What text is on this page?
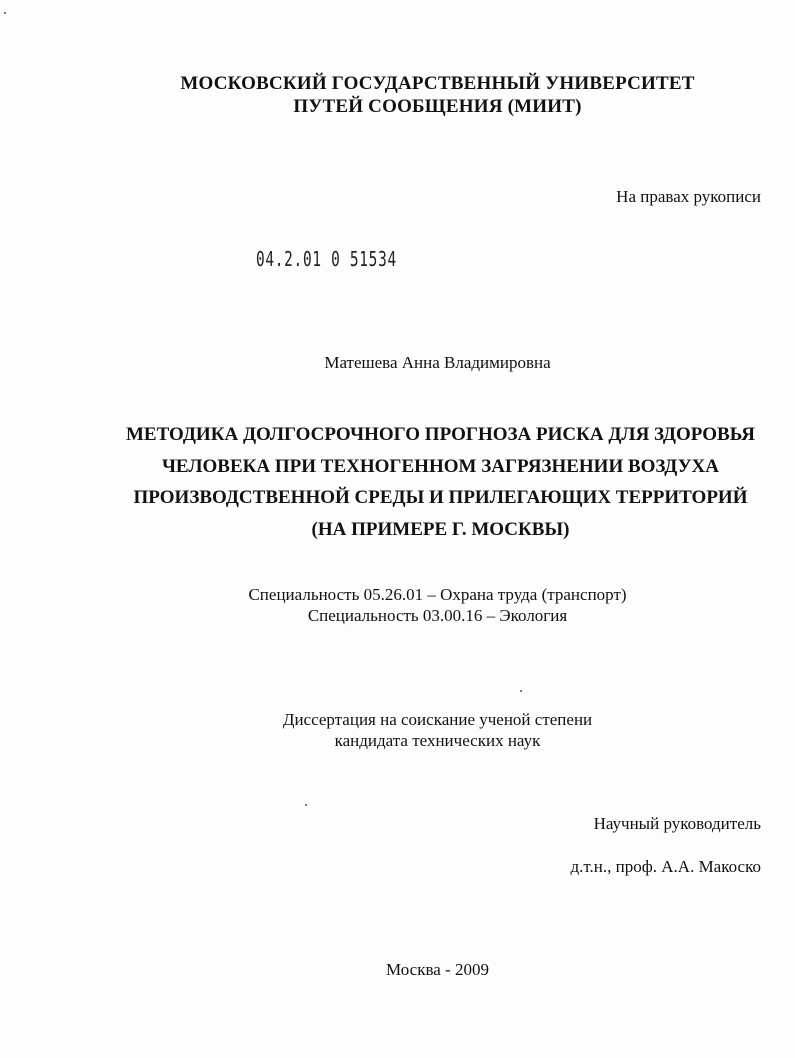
МОСКОВСКИЙ ГОСУДАРСТВЕННЫЙ УНИВЕРСИТЕТ
ПУТЕЙ СООБЩЕНИЯ (МИИТ)
На правах рукописи
04.2.01 0 51534
Матешева Анна Владимировна
МЕТОДИКА ДОЛГОСРОЧНОГО ПРОГНОЗА РИСКА ДЛЯ ЗДОРОВЬЯ
ЧЕЛОВЕКА ПРИ ТЕХНОГЕННОМ ЗАГРЯЗНЕНИИ ВОЗДУХА
ПРОИЗВОДСТВЕННОЙ СРЕДЫ И ПРИЛЕГАЮЩИХ ТЕРРИТОРИЙ
(НА ПРИМЕРЕ Г. МОСКВЫ)
Специальность 05.26.01 – Охрана труда (транспорт)
Специальность 03.00.16 – Экология
Диссертация на соискание ученой степени
кандидата технических наук
Научный руководитель
д.т.н., проф. А.А. Макоско
Москва - 2009
